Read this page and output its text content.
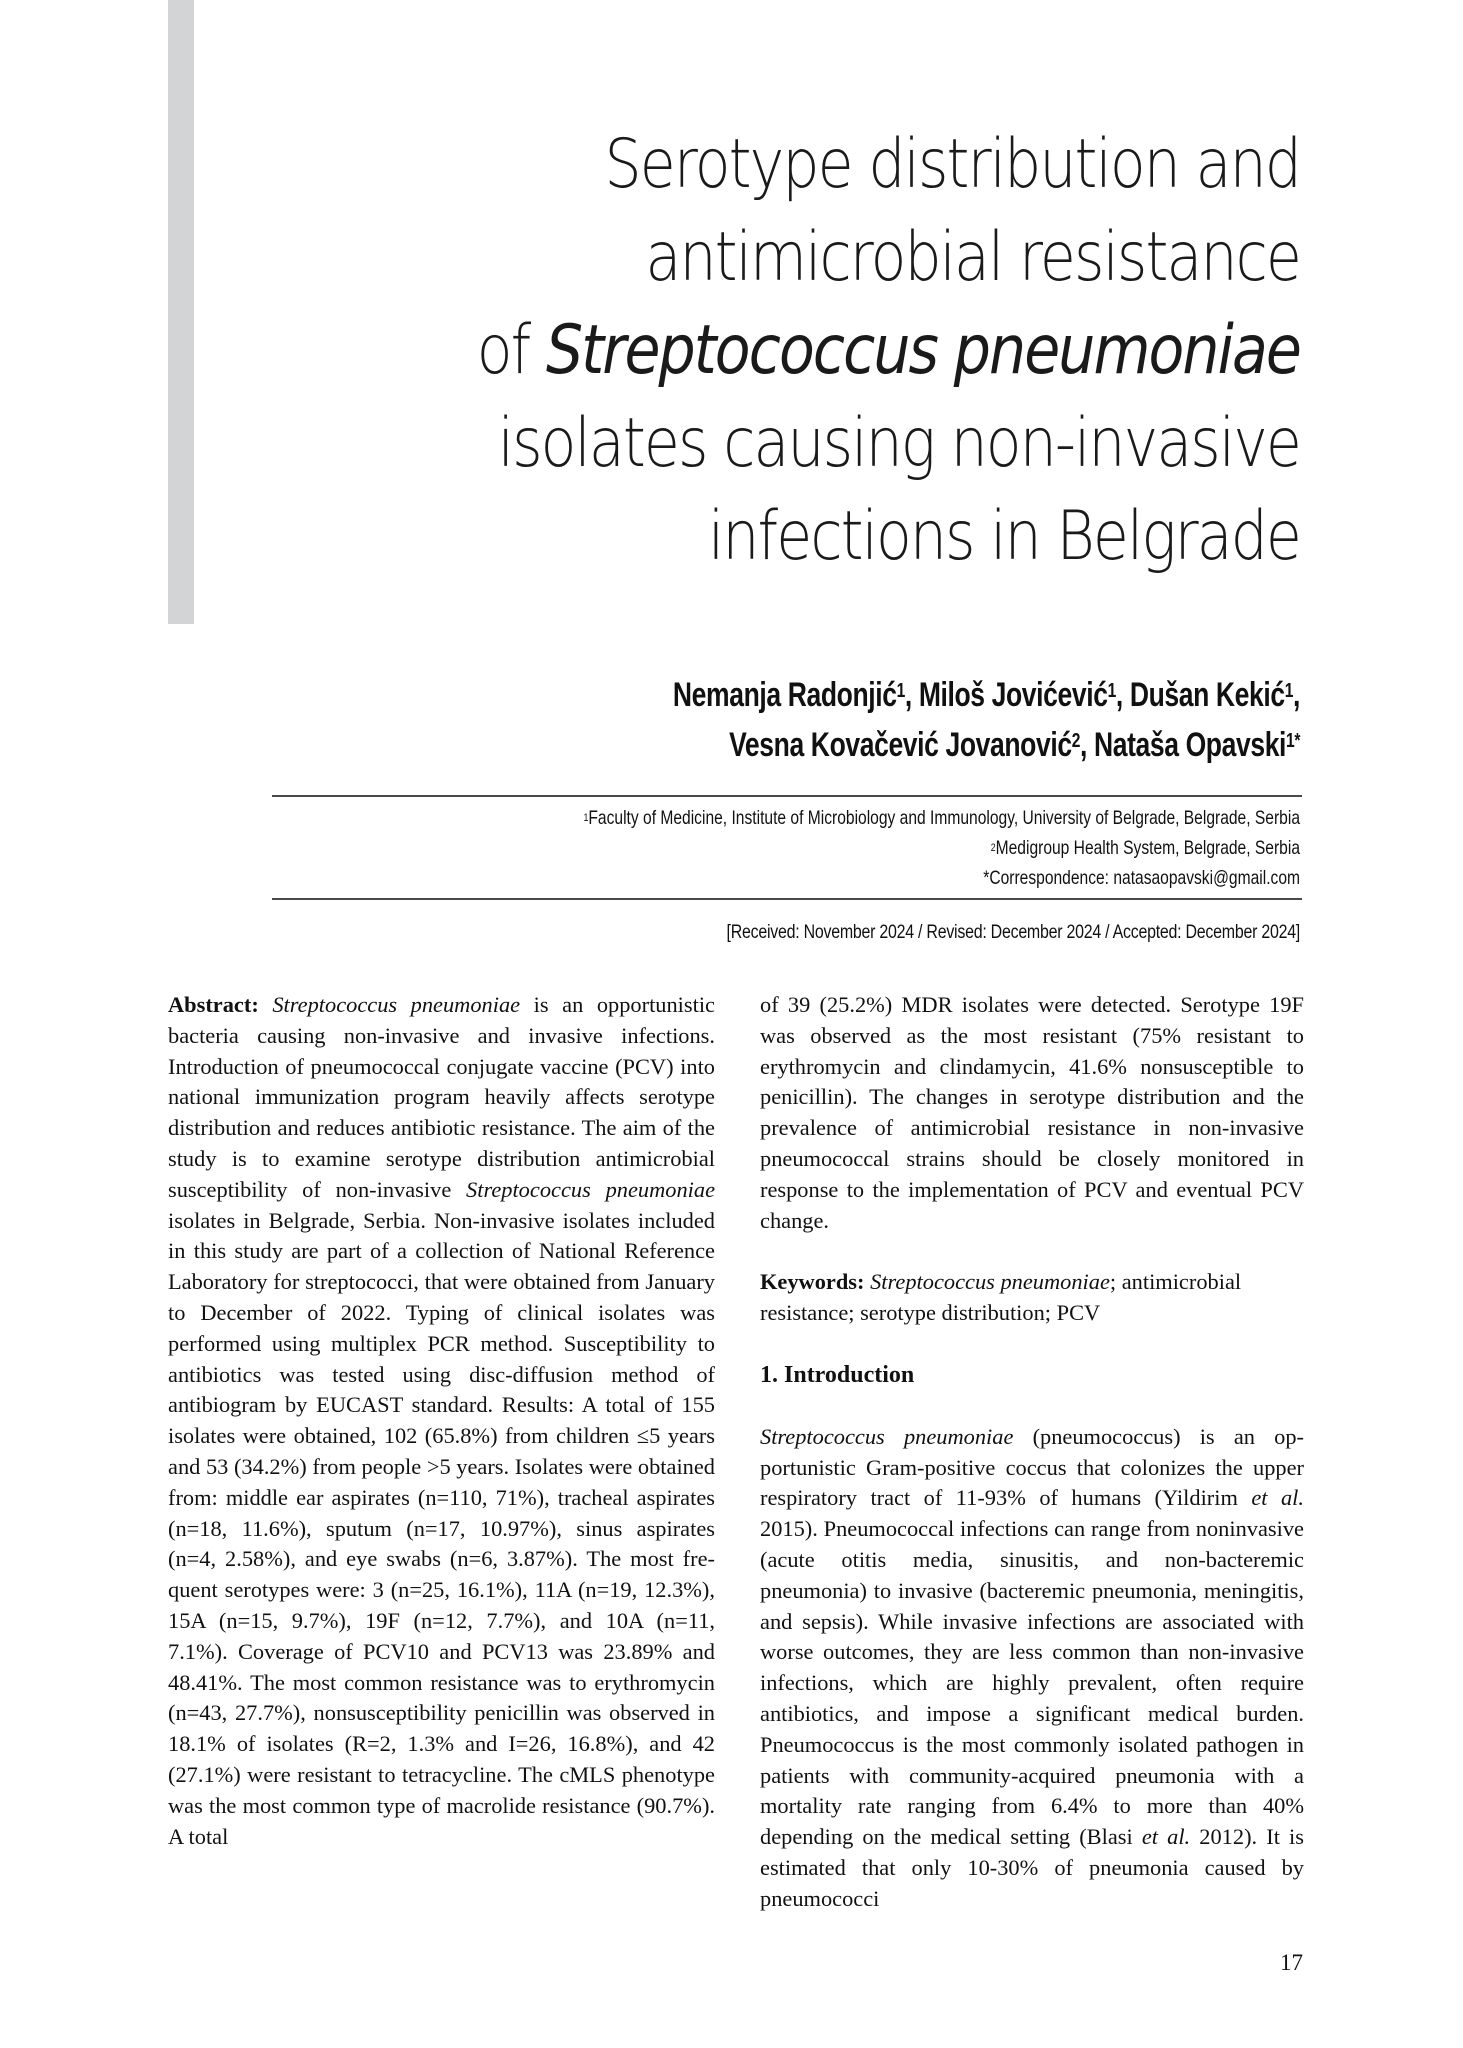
Serotype distribution and
antimicrobial resistance
of Streptococcus pneumoniae
isolates causing non-invasive
infections in Belgrade
Nemanja Radonjić$^1$, Miloš Jovićević$^1$, Dušan Kekić$^1$,
Vesna Kovačević Jovanović$^2$, Nataša Opavski$^{1*}$
$^1$Faculty of Medicine, Institute of Microbiology and Immunology, University of Belgrade, Belgrade, Serbia
$^2$Medigroup Health System, Belgrade, Serbia
*Correspondence: natasaopavski@gmail.com
[Received: November 2024 / Revised: December 2024 / Accepted: December 2024]

Abstract: Streptococcus pneumoniae is an opportunistic bacteria causing non-invasive and invasive infections. Introduction of pneumococcal conjugate vaccine (PCV) into national immunization program heavily affects serotype distribution and reduces antibiotic resistance. The aim of the study is to examine serotype distribution antimicrobial susceptibility of non-invasive Streptococcus pneumoniae isolates in Belgrade, Serbia. Non-invasive isolates included in this study are part of a collection of National Reference Laboratory for streptococci, that were obtained from January to December of 2022. Typing of clinical isolates was performed using multiplex PCR method. Susceptibility to antibiotics was tested using disc-diffusion method of antibiogram by EUCAST standard. Results: A total of 155 isolates were obtained, 102 (65.8%) from children ≤5 years and 53 (34.2%) from people >5 years. Isolates were obtained from: middle ear aspirates (n=110, 71%), tracheal aspirates (n=18, 11.6%), sputum (n=17, 10.97%), sinus aspirates (n=4, 2.58%), and eye swabs (n=6, 3.87%). The most frequent serotypes were: 3 (n=25, 16.1%), 11A (n=19, 12.3%), 15A (n=15, 9.7%), 19F (n=12, 7.7%), and 10A (n=11, 7.1%). Coverage of PCV10 and PCV13 was 23.89% and 48.41%. The most common resistance was to erythromycin (n=43, 27.7%), nonsusceptibility penicillin was observed in 18.1% of isolates (R=2, 1.3% and I=26, 16.8%), and 42 (27.1%) were resistant to tetracycline. The cMLS phenotype was the most common type of macrolide resistance (90.7%). A total

of 39 (25.2%) MDR isolates were detected. Serotype 19F was observed as the most resistant (75% resistant to erythromycin and clindamycin, 41.6% nonsusceptible to penicillin). The changes in serotype distribution and the prevalence of antimicrobial resistance in non-invasive pneumococcal strains should be closely monitored in response to the implementation of PCV and eventual PCV change.

Keywords: Streptococcus pneumoniae; antimicrobial resistance; serotype distribution; PCV

1. Introduction

Streptococcus pneumoniae (pneumococcus) is an opportunistic Gram-positive coccus that colonizes the upper respiratory tract of 11-93% of humans (Yildirim et al. 2015). Pneumococcal infections can range from noninvasive (acute otitis media, sinusitis, and non-bacteremic pneumonia) to invasive (bacteremic pneumonia, meningitis, and sepsis). While invasive infections are associated with worse outcomes, they are less common than non-invasive infections, which are highly prevalent, often require antibiotics, and impose a significant medical burden. Pneumococcus is the most commonly isolated pathogen in patients with community-acquired pneumonia with a mortality rate ranging from 6.4% to more than 40% depending on the medical setting (Blasi et al. 2012). It is estimated that only 10-30% of pneumonia caused by pneumococci

17
